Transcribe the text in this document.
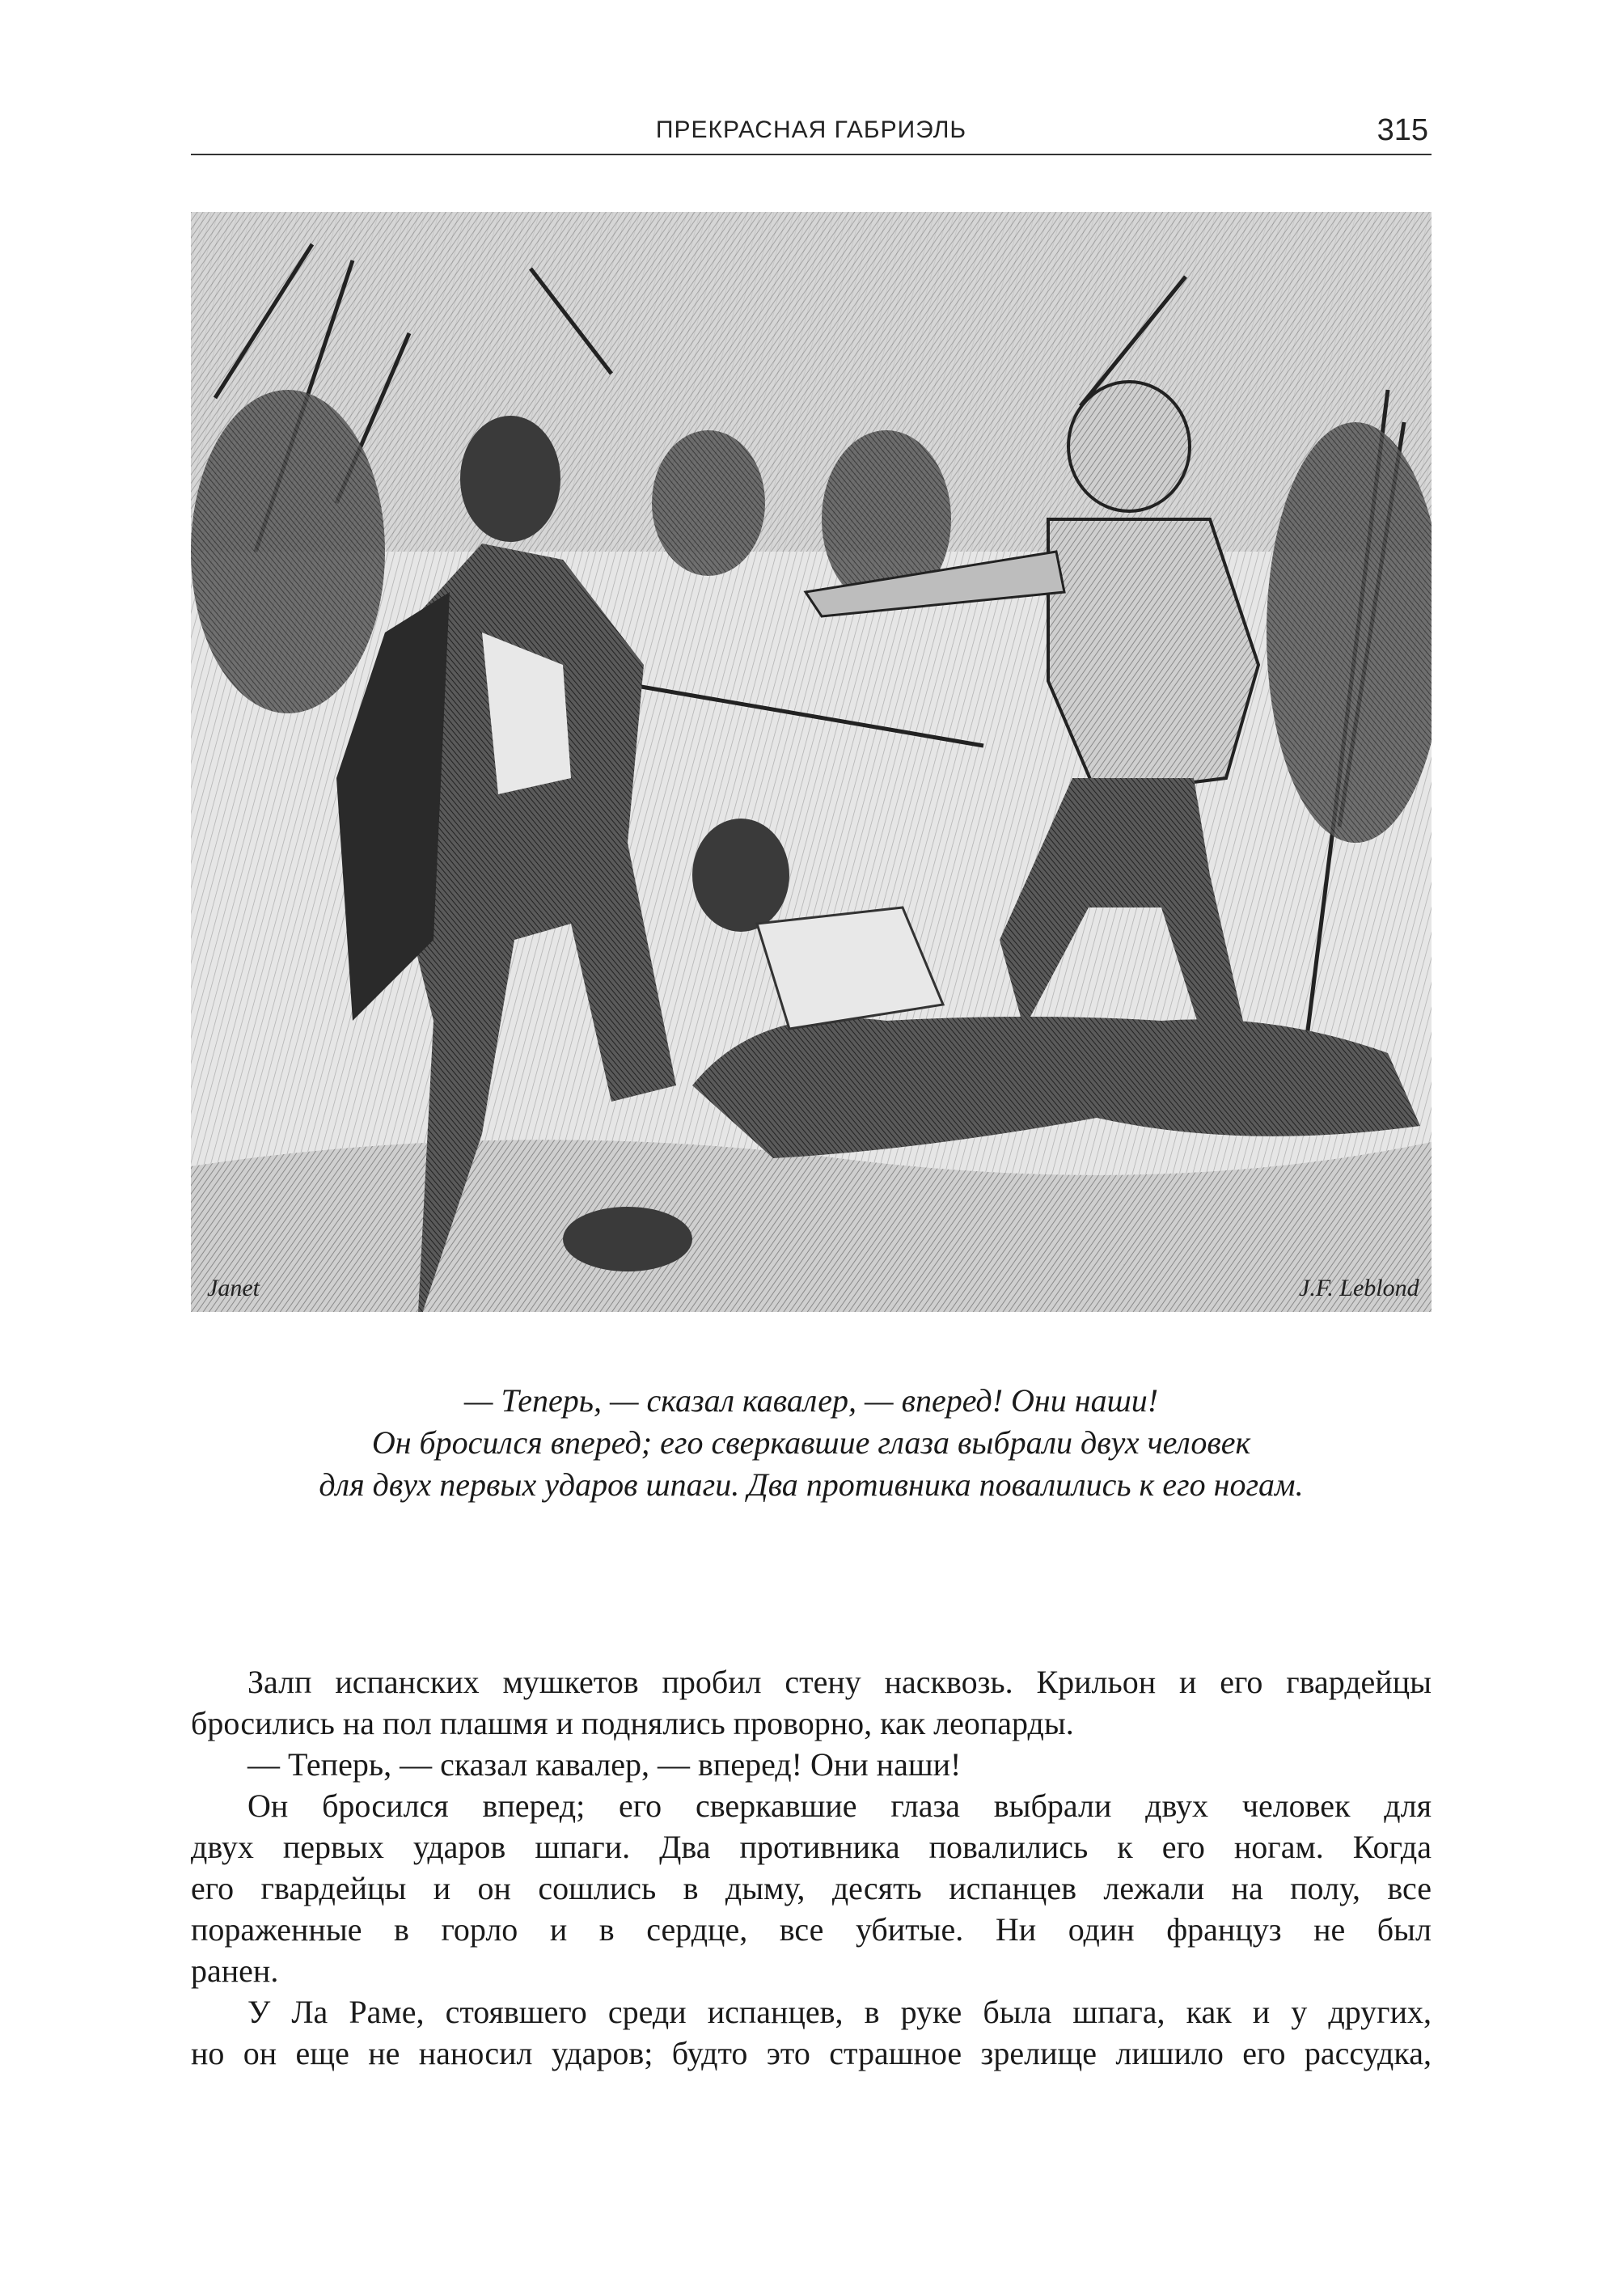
ПРЕКРАСНАЯ ГАБРИЭЛЬ	315
Janet	J.F. Leblond
— Теперь, — сказал кавалер, — вперед! Они наши!
Он бросился вперед; его сверкавшие глаза выбрали двух человек
для двух первых ударов шпаги. Два противника повалились к его ногам.
Залп испанских мушкетов пробил стену насквозь. Крильон и его гвардейцы
бросились на пол плашмя и поднялись проворно, как леопарды.
— Теперь, — сказал кавалер, — вперед! Они наши!
Он бросился вперед; его сверкавшие глаза выбрали двух человек для
двух первых ударов шпаги. Два противника повалились к его ногам. Когда
его гвардейцы и он сошлись в дыму, десять испанцев лежали на полу, все
пораженные в горло и в сердце, все убитые. Ни один француз не был
ранен.
У Ла Раме, стоявшего среди испанцев, в руке была шпага, как и у других,
но он еще не наносил ударов; будто это страшное зрелище лишило его рассудка,
